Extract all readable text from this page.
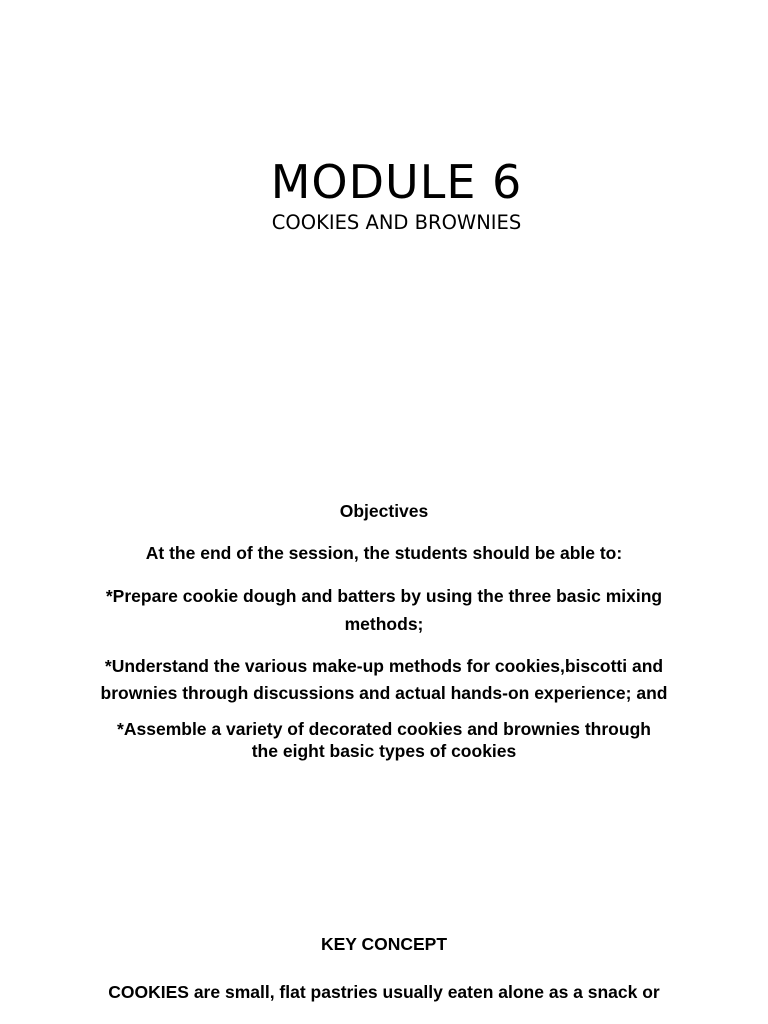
MODULE 6
COOKIES AND BROWNIES
Objectives
At the end of the session, the students should be able to:
*Prepare cookie dough and batters by using the three basic mixing methods;
*Understand the various make-up methods for cookies,biscotti and brownies through discussions and actual hands-on experience; and
*Assemble a variety of decorated cookies and brownies through the eight basic types of cookies
KEY CONCEPT
COOKIES are small, flat pastries usually eaten alone as a snack or
